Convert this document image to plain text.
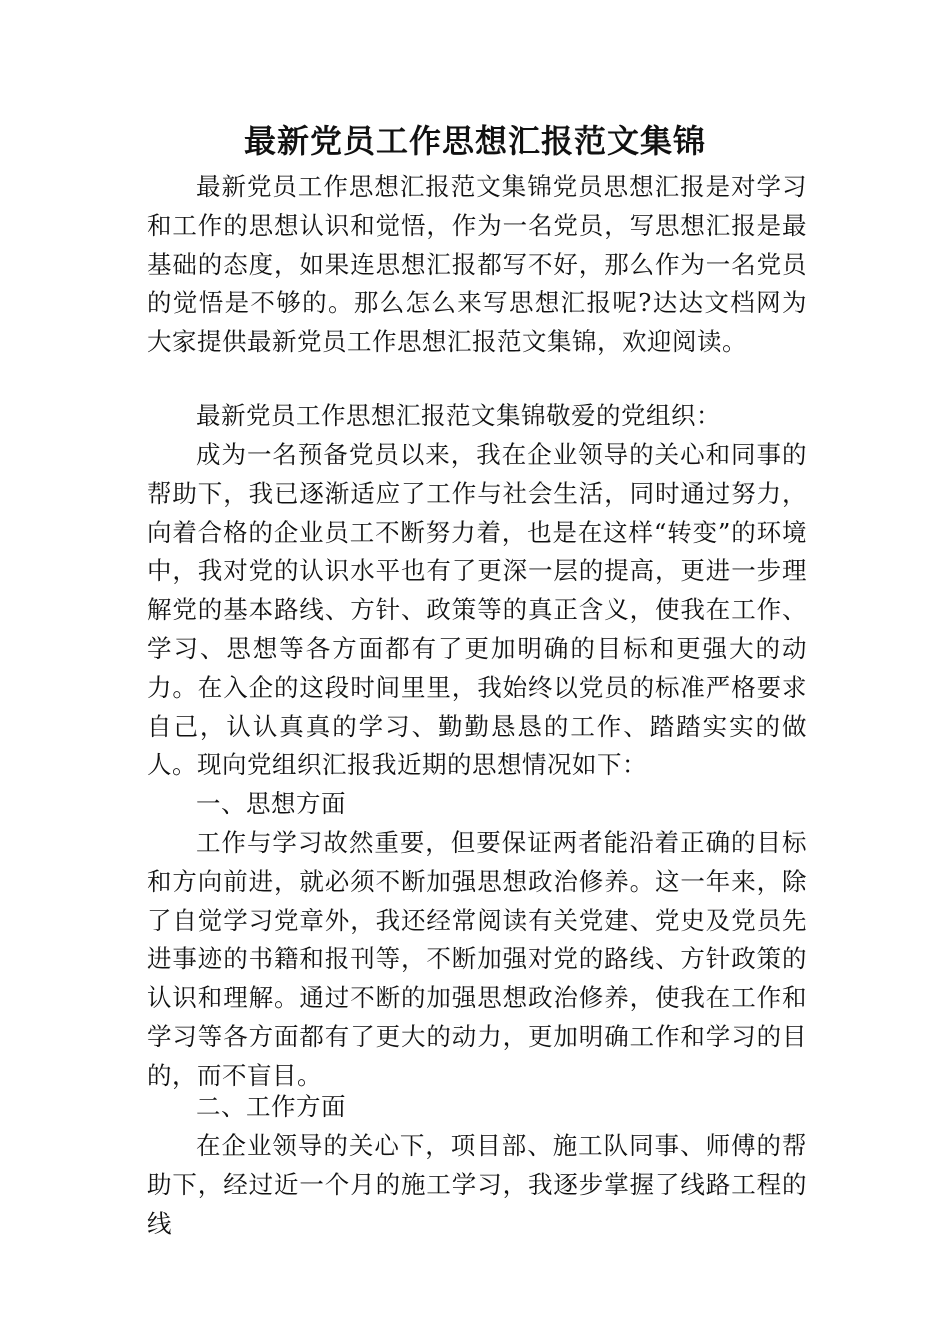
最新党员工作思想汇报范文集锦

最新党员工作思想汇报范文集锦党员思想汇报是对学习和工作的思想认识和觉悟，作为一名党员，写思想汇报是最基础的态度，如果连思想汇报都写不好，那么作为一名党员的觉悟是不够的。那么怎么来写思想汇报呢?达达文档网为大家提供最新党员工作思想汇报范文集锦，欢迎阅读。

最新党员工作思想汇报范文集锦敬爱的党组织：

成为一名预备党员以来，我在企业领导的关心和同事的帮助下，我已逐渐适应了工作与社会生活，同时通过努力，向着合格的企业员工不断努力着，也是在这样“转变”的环境中，我对党的认识水平也有了更深一层的提高，更进一步理解党的基本路线、方针、政策等的真正含义，使我在工作、学习、思想等各方面都有了更加明确的目标和更强大的动力。在入企的这段时间里里，我始终以党员的标准严格要求自己，认认真真的学习、勤勤恳恳的工作、踏踏实实的做人。现向党组织汇报我近期的思想情况如下：

一、思想方面

工作与学习故然重要，但要保证两者能沿着正确的目标和方向前进，就必须不断加强思想政治修养。这一年来，除了自觉学习党章外，我还经常阅读有关党建、党史及党员先进事迹的书籍和报刊等，不断加强对党的路线、方针政策的认识和理解。通过不断的加强思想政治修养，使我在工作和学习等各方面都有了更大的动力，更加明确工作和学习的目的，而不盲目。

二、工作方面

在企业领导的关心下，项目部、施工队同事、师傅的帮助下，经过近一个月的施工学习，我逐步掌握了线路工程的线
